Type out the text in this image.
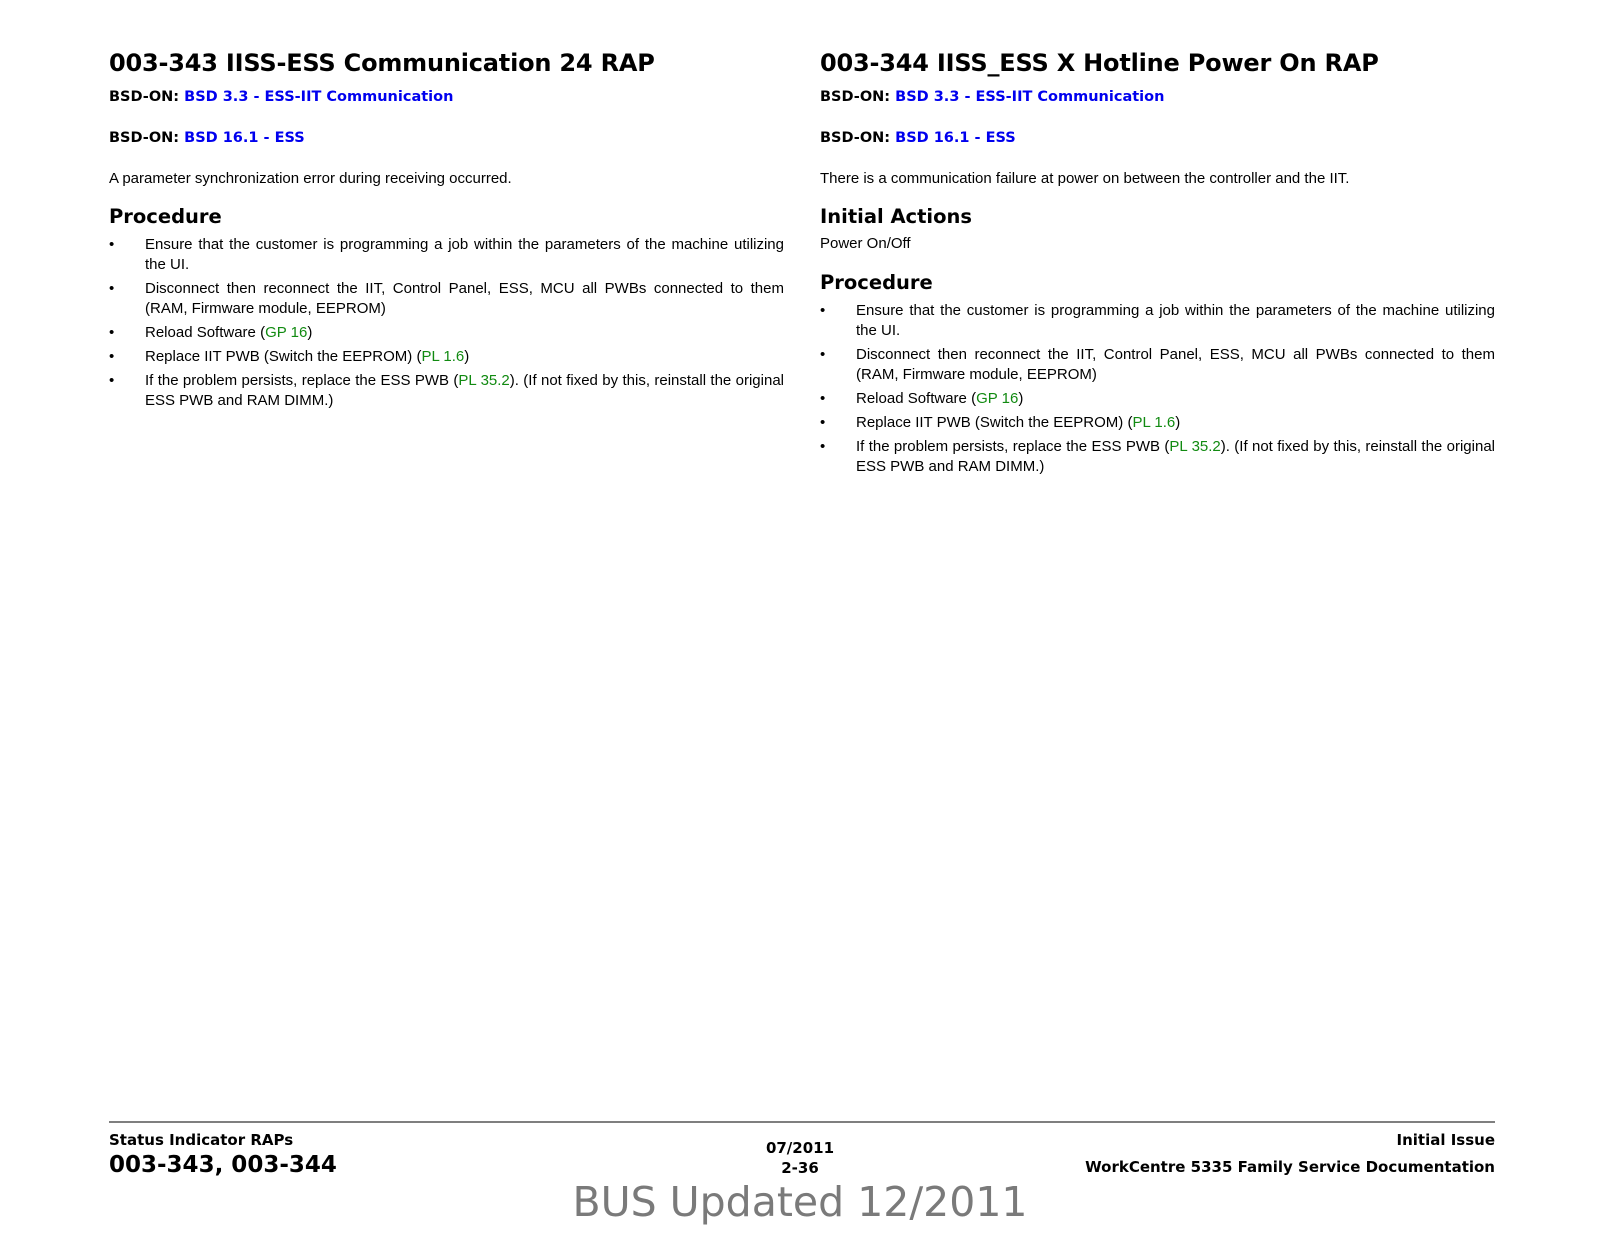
003-343 IISS-ESS Communication 24 RAP

BSD-ON: BSD 3.3 - ESS-IIT Communication

BSD-ON: BSD 16.1 - ESS

A parameter synchronization error during receiving occurred.

Procedure
• Ensure that the customer is programming a job within the parameters of the machine utilizing the UI.
• Disconnect then reconnect the IIT, Control Panel, ESS, MCU all PWBs connected to them (RAM, Firmware module, EEPROM)
• Reload Software (GP 16)
• Replace IIT PWB (Switch the EEPROM) (PL 1.6)
• If the problem persists, replace the ESS PWB (PL 35.2). (If not fixed by this, reinstall the original ESS PWB and RAM DIMM.)
003-344 IISS_ESS X Hotline Power On RAP

BSD-ON: BSD 3.3 - ESS-IIT Communication

BSD-ON: BSD 16.1 - ESS

There is a communication failure at power on between the controller and the IIT.

Initial Actions

Power On/Off

Procedure
• Ensure that the customer is programming a job within the parameters of the machine utilizing the UI.
• Disconnect then reconnect the IIT, Control Panel, ESS, MCU all PWBs connected to them (RAM, Firmware module, EEPROM)
• Reload Software (GP 16)
• Replace IIT PWB (Switch the EEPROM) (PL 1.6)
• If the problem persists, replace the ESS PWB (PL 35.2). (If not fixed by this, reinstall the original ESS PWB and RAM DIMM.)
Status Indicator RAPs
003-343, 003-344
07/2011
2-36
Initial Issue
WorkCentre 5335 Family Service Documentation
BUS Updated 12/2011
